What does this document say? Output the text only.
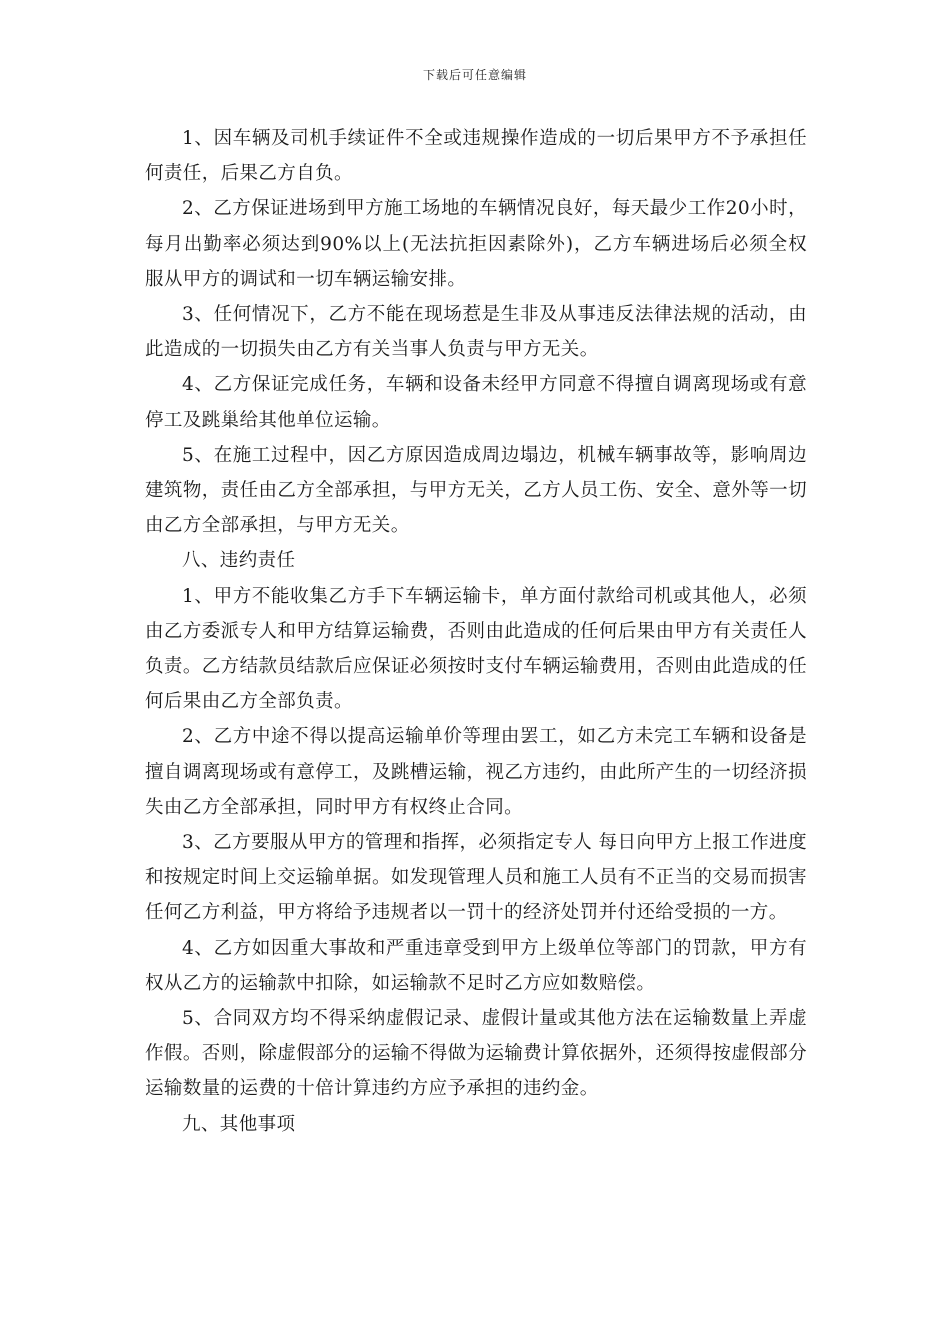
下载后可任意编辑

1、因车辆及司机手续证件不全或违规操作造成的一切后果甲方不予承担任何责任，后果乙方自负。

2、乙方保证进场到甲方施工场地的车辆情况良好，每天最少工作20小时，每月出勤率必须达到90%以上(无法抗拒因素除外)，乙方车辆进场后必须全权服从甲方的调试和一切车辆运输安排。

3、任何情况下，乙方不能在现场惹是生非及从事违反法律法规的活动，由此造成的一切损失由乙方有关当事人负责与甲方无关。

4、乙方保证完成任务，车辆和设备未经甲方同意不得擅自调离现场或有意停工及跳巢给其他单位运输。

5、在施工过程中，因乙方原因造成周边塌边，机械车辆事故等，影响周边建筑物，责任由乙方全部承担，与甲方无关，乙方人员工伤、安全、意外等一切由乙方全部承担，与甲方无关。

八、违约责任

1、甲方不能收集乙方手下车辆运输卡，单方面付款给司机或其他人，必须由乙方委派专人和甲方结算运输费，否则由此造成的任何后果由甲方有关责任人负责。乙方结款员结款后应保证必须按时支付车辆运输费用，否则由此造成的任何后果由乙方全部负责。

2、乙方中途不得以提高运输单价等理由罢工，如乙方未完工车辆和设备是擅自调离现场或有意停工，及跳槽运输，视乙方违约，由此所产生的一切经济损失由乙方全部承担，同时甲方有权终止合同。

3、乙方要服从甲方的管理和指挥，必须指定专人 每日向甲方上报工作进度和按规定时间上交运输单据。如发现管理人员和施工人员有不正当的交易而损害任何乙方利益，甲方将给予违规者以一罚十的经济处罚并付还给受损的一方。

4、乙方如因重大事故和严重违章受到甲方上级单位等部门的罚款，甲方有权从乙方的运输款中扣除，如运输款不足时乙方应如数赔偿。

5、合同双方均不得采纳虚假记录、虚假计量或其他方法在运输数量上弄虚作假。否则，除虚假部分的运输不得做为运输费计算依据外，还须得按虚假部分运输数量的运费的十倍计算违约方应予承担的违约金。

九、其他事项
